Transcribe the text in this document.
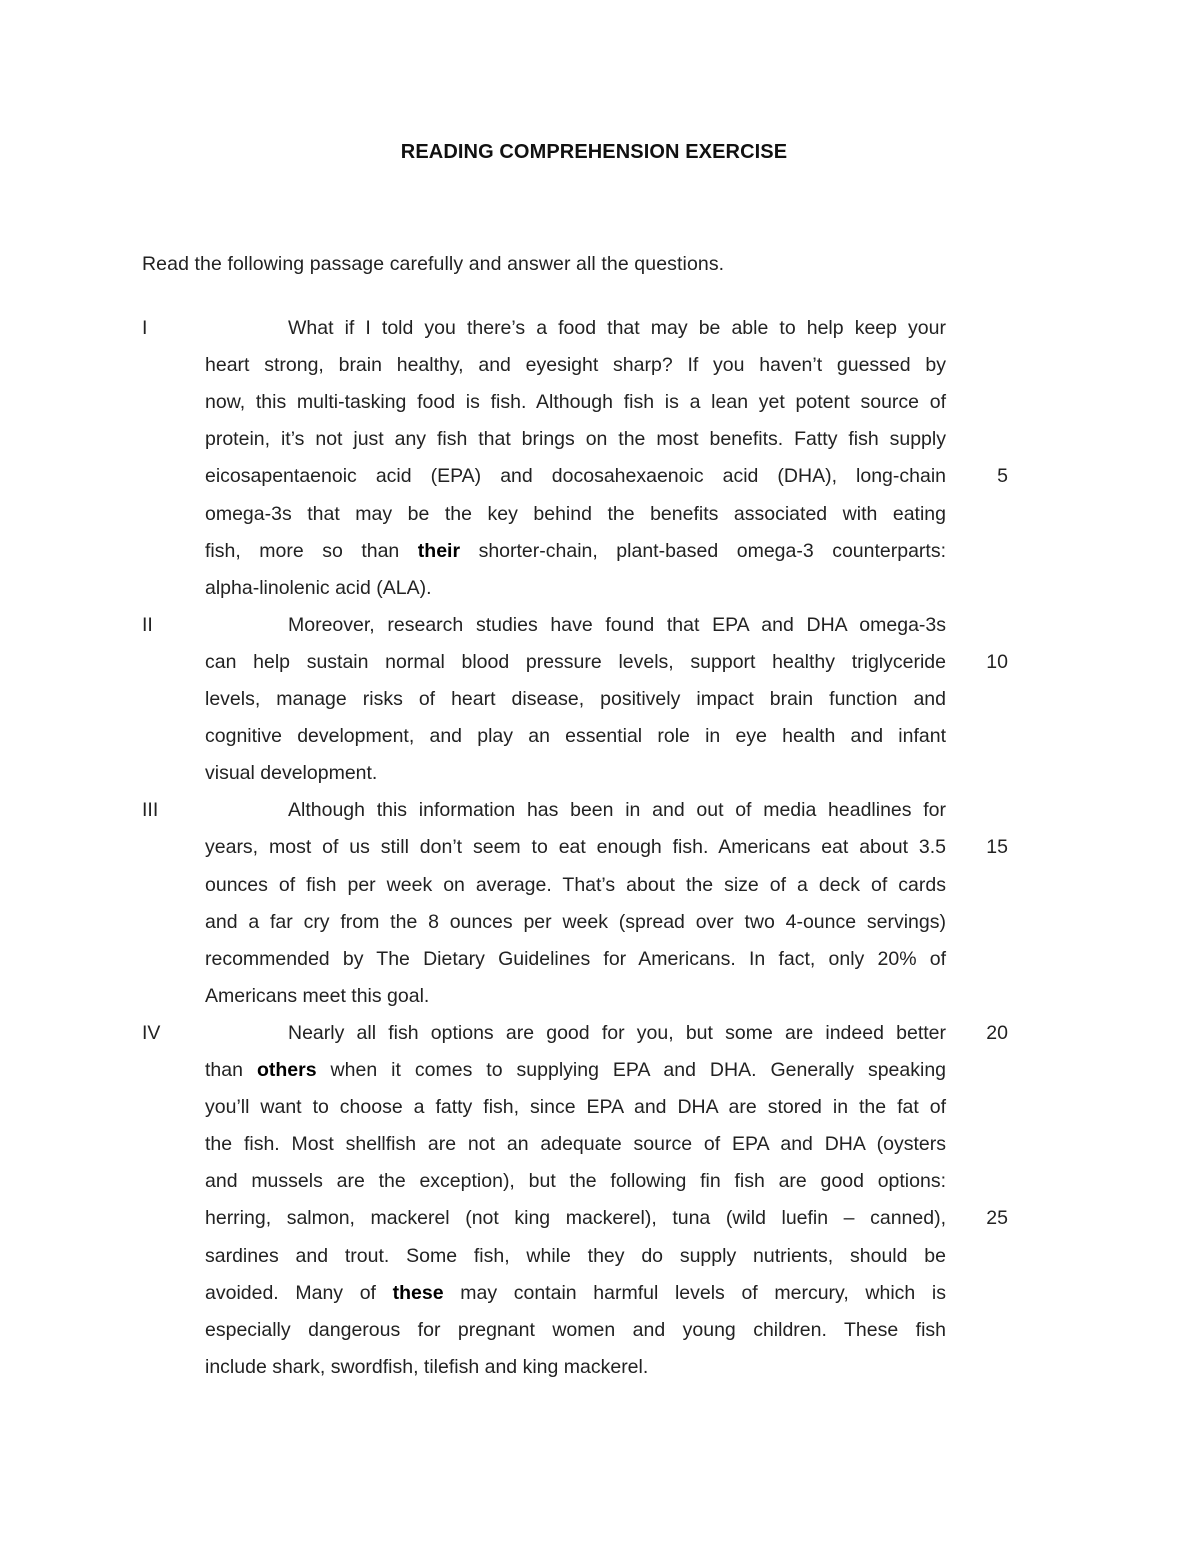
READING COMPREHENSION EXERCISE
Read the following passage carefully and answer all the questions.
I	What if I told you there’s a food that may be able to help keep your
heart strong, brain healthy, and eyesight sharp? If you haven’t guessed by
now, this multi-tasking food is fish. Although fish is a lean yet potent source of
protein, it’s not just any fish that brings on the most benefits. Fatty fish supply
eicosapentaenoic acid (EPA) and docosahexaenoic acid (DHA), long-chain	5
omega-3s that may be the key behind the benefits associated with eating
fish, more so than their shorter-chain, plant-based omega-3 counterparts:
alpha-linolenic acid (ALA).
II	Moreover, research studies have found that EPA and DHA omega-3s
can help sustain normal blood pressure levels, support healthy triglyceride	10
levels, manage risks of heart disease, positively impact brain function and
cognitive development, and play an essential role in eye health and infant
visual development.
III	Although this information has been in and out of media headlines for
years, most of us still don’t seem to eat enough fish. Americans eat about 3.5	15
ounces of fish per week on average. That’s about the size of a deck of cards
and a far cry from the 8 ounces per week (spread over two 4-ounce servings)
recommended by The Dietary Guidelines for Americans. In fact, only 20% of
Americans meet this goal.
IV	Nearly all fish options are good for you, but some are indeed better	20
than others when it comes to supplying EPA and DHA. Generally speaking
you’ll want to choose a fatty fish, since EPA and DHA are stored in the fat of
the fish. Most shellfish are not an adequate source of EPA and DHA (oysters
and mussels are the exception), but the following fin fish are good options:
herring, salmon, mackerel (not king mackerel), tuna (wild luefin – canned),	25
sardines and trout. Some fish, while they do supply nutrients, should be
avoided. Many of these may contain harmful levels of mercury, which is
especially dangerous for pregnant women and young children. These fish
include shark, swordfish, tilefish and king mackerel.
